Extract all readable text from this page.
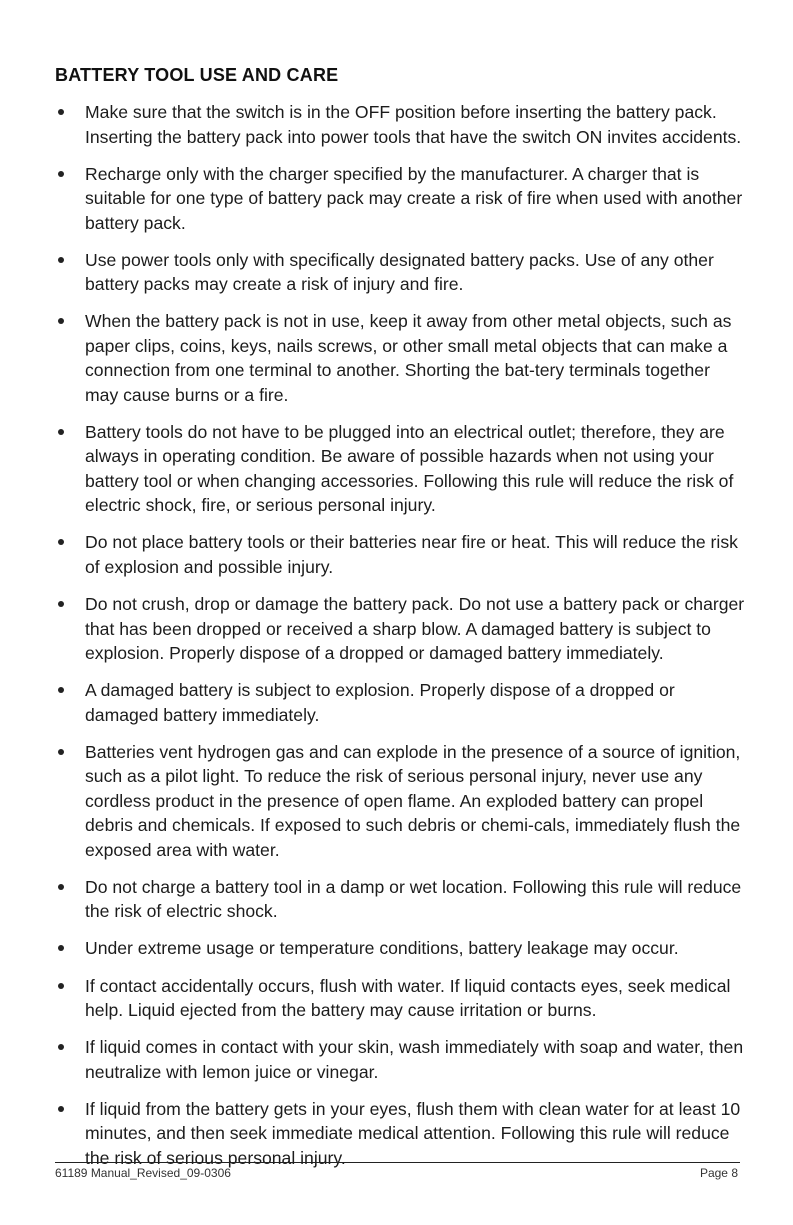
BATTERY TOOL USE AND CARE
Make sure that the switch is in the OFF position before inserting the battery pack. Inserting the battery pack into power tools that have the switch ON invites accidents.
Recharge only with the charger specified by the manufacturer. A charger that is suitable for one type of battery pack may create a risk of fire when used with another battery pack.
Use power tools only with specifically designated battery packs. Use of any other battery packs may create a risk of injury and fire.
When the battery pack is not in use, keep it away from other metal objects, such as paper clips, coins, keys, nails screws, or other small metal objects that can make a connection from one terminal to another. Shorting the bat-tery terminals together may cause burns or a fire.
Battery tools do not have to be plugged into an electrical outlet; therefore, they are always in operating condition. Be aware of possible hazards when not using your battery tool or when changing accessories. Following this rule will reduce the risk of electric shock, fire, or serious personal injury.
Do not place battery tools or their batteries near fire or heat. This will reduce the risk of explosion and possible injury.
Do not crush, drop or damage the battery pack. Do not use a battery pack or charger that has been dropped or received a sharp blow. A damaged battery is subject to explosion. Properly dispose of a dropped or damaged battery immediately.
A damaged battery is subject to explosion. Properly dispose of a dropped or damaged battery immediately.
Batteries vent hydrogen gas and can explode in the presence of a source of ignition, such as a pilot light. To reduce the risk of serious personal injury, never use any cordless product in the presence of open flame. An exploded battery can propel debris and chemicals. If exposed to such debris or chemi-cals, immediately flush the exposed area with water.
Do not charge a battery tool in a damp or wet location. Following this rule will reduce the risk of electric shock.
Under extreme usage or temperature conditions, battery leakage may occur.
If contact accidentally occurs, flush with water. If liquid contacts eyes, seek medical help. Liquid ejected from the battery may cause irritation or burns.
If liquid comes in contact with your skin, wash immediately with soap and water, then neutralize with lemon juice or vinegar.
If liquid from the battery gets in your eyes, flush them with clean water for at least 10 minutes, and then seek immediate medical attention. Following this rule will reduce the risk of serious personal injury.
61189 Manual_Revised_09-0306	Page 8
